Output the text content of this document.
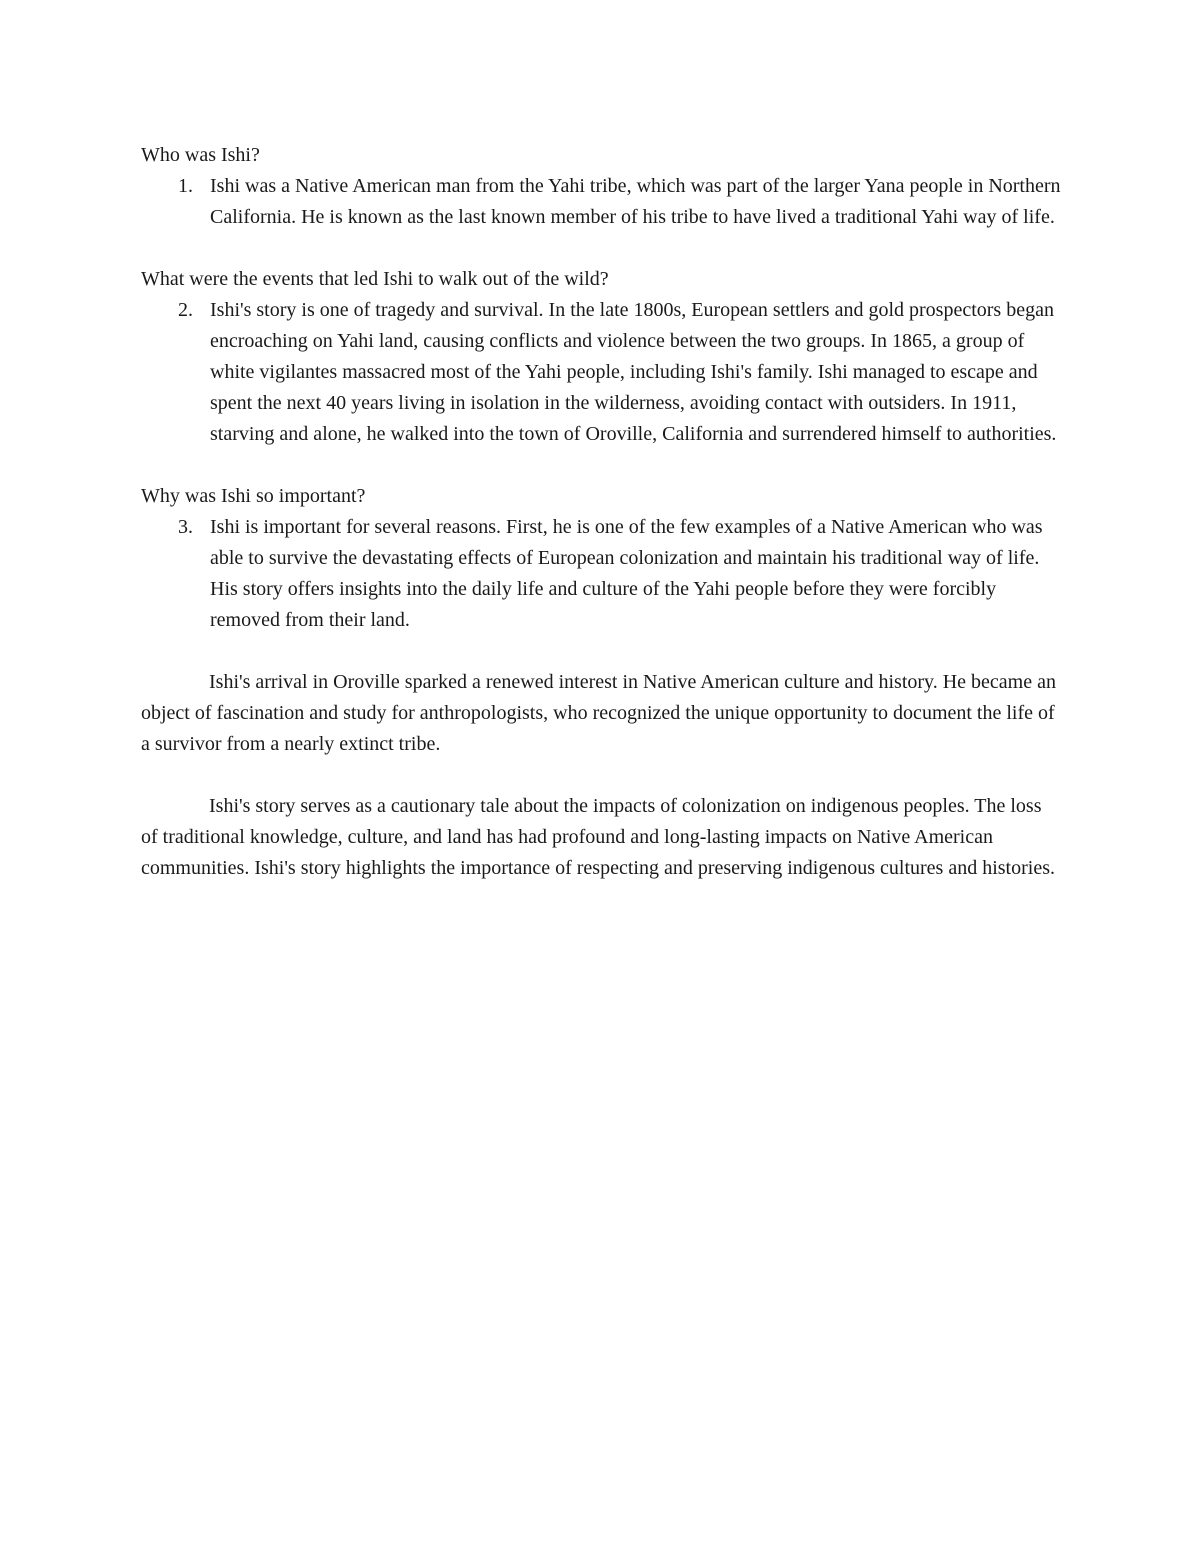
Who was Ishi?

1. Ishi was a Native American man from the Yahi tribe, which was part of the larger Yana people in Northern California. He is known as the last known member of his tribe to have lived a traditional Yahi way of life.

What were the events that led Ishi to walk out of the wild?

2. Ishi's story is one of tragedy and survival. In the late 1800s, European settlers and gold prospectors began encroaching on Yahi land, causing conflicts and violence between the two groups. In 1865, a group of white vigilantes massacred most of the Yahi people, including Ishi's family. Ishi managed to escape and spent the next 40 years living in isolation in the wilderness, avoiding contact with outsiders. In 1911, starving and alone, he walked into the town of Oroville, California and surrendered himself to authorities.

Why was Ishi so important?

3. Ishi is important for several reasons. First, he is one of the few examples of a Native American who was able to survive the devastating effects of European colonization and maintain his traditional way of life. His story offers insights into the daily life and culture of the Yahi people before they were forcibly removed from their land.

Ishi's arrival in Oroville sparked a renewed interest in Native American culture and history. He became an object of fascination and study for anthropologists, who recognized the unique opportunity to document the life of a survivor from a nearly extinct tribe.

Ishi's story serves as a cautionary tale about the impacts of colonization on indigenous peoples. The loss of traditional knowledge, culture, and land has had profound and long-lasting impacts on Native American communities. Ishi's story highlights the importance of respecting and preserving indigenous cultures and histories.
